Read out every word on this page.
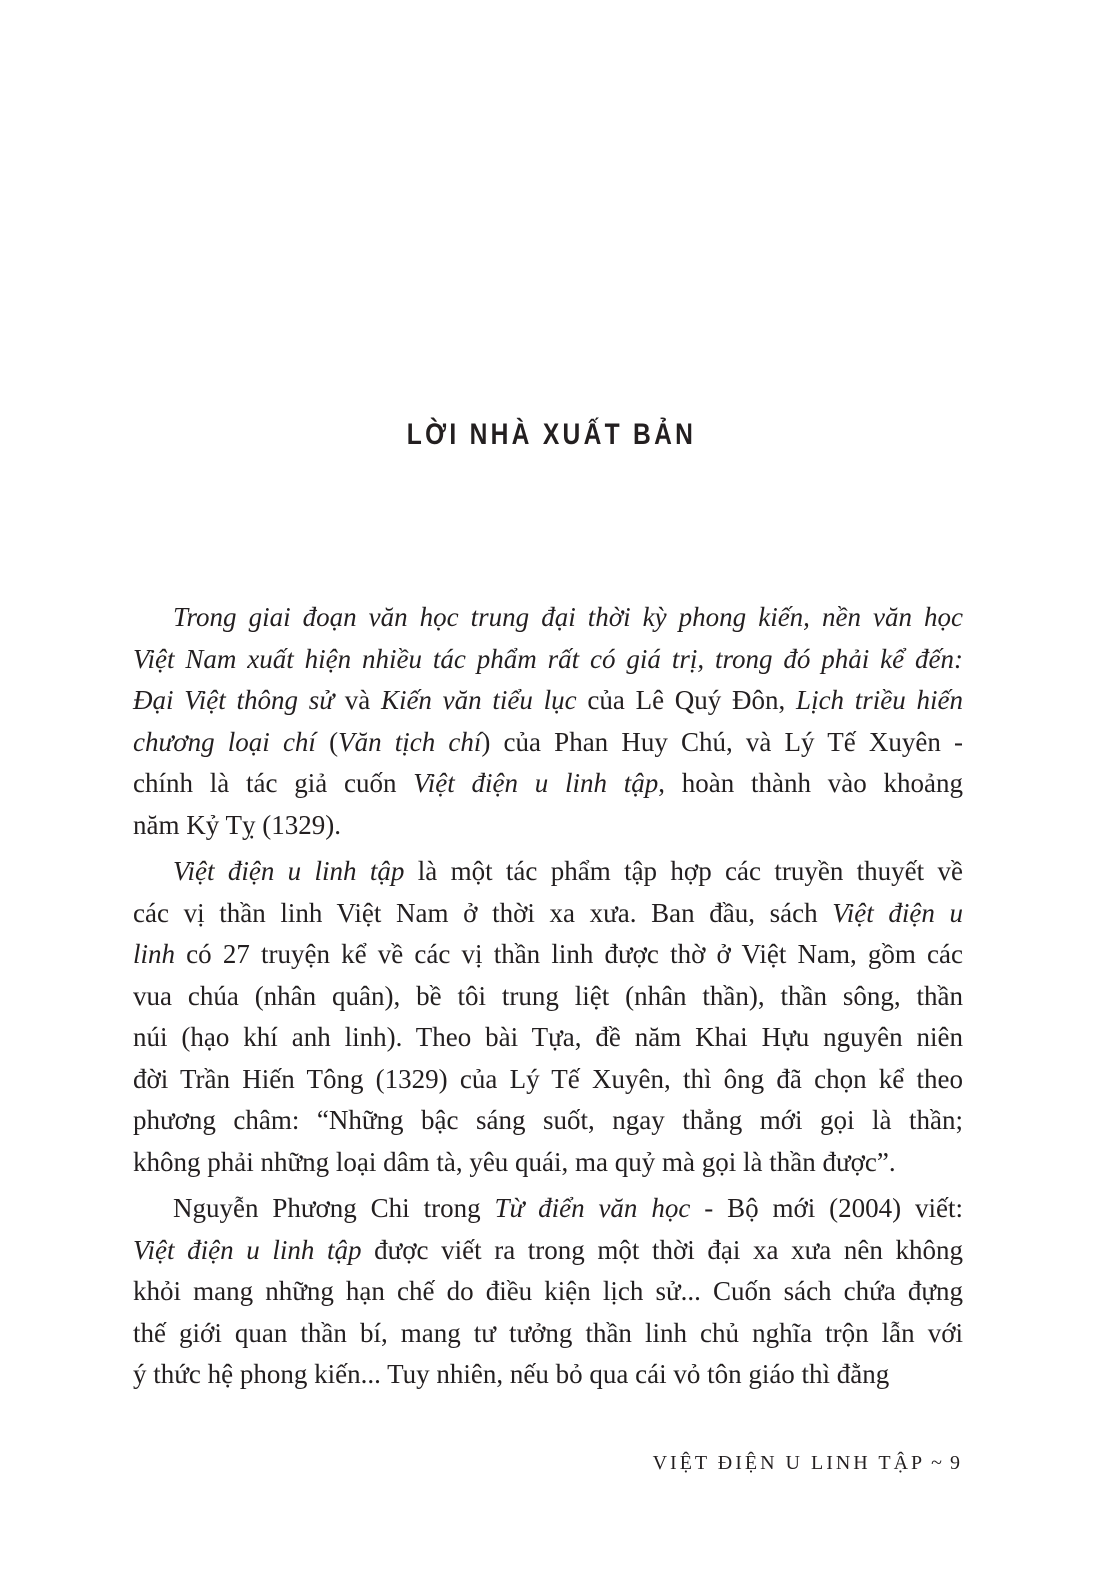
LỜI NHÀ XUẤT BẢN
Trong giai đoạn văn học trung đại thời kỳ phong kiến, nền văn học
Việt Nam xuất hiện nhiều tác phẩm rất có giá trị, trong đó phải kể đến:
Đại Việt thông sử và Kiến văn tiểu lục của Lê Quý Đôn, Lịch triều hiến
chương loại chí (Văn tịch chí) của Phan Huy Chú, và Lý Tế Xuyên -
chính là tác giả cuốn Việt điện u linh tập, hoàn thành vào khoảng
năm Kỷ Tỵ (1329).
Việt điện u linh tập là một tác phẩm tập hợp các truyền thuyết về
các vị thần linh Việt Nam ở thời xa xưa. Ban đầu, sách Việt điện u
linh có 27 truyện kể về các vị thần linh được thờ ở Việt Nam, gồm các
vua chúa (nhân quân), bề tôi trung liệt (nhân thần), thần sông, thần
núi (hạo khí anh linh). Theo bài Tựa, đề năm Khai Hựu nguyên niên
đời Trần Hiến Tông (1329) của Lý Tế Xuyên, thì ông đã chọn kể theo
phương châm: “Những bậc sáng suốt, ngay thẳng mới gọi là thần;
không phải những loại dâm tà, yêu quái, ma quỷ mà gọi là thần được”.
Nguyễn Phương Chi trong Từ điển văn học - Bộ mới (2004) viết:
Việt điện u linh tập được viết ra trong một thời đại xa xưa nên không
khỏi mang những hạn chế do điều kiện lịch sử... Cuốn sách chứa đựng
thế giới quan thần bí, mang tư tưởng thần linh chủ nghĩa trộn lẫn với
ý thức hệ phong kiến... Tuy nhiên, nếu bỏ qua cái vỏ tôn giáo thì đằng
VIỆT ĐIỆN U LINH TẬP ~ 9
